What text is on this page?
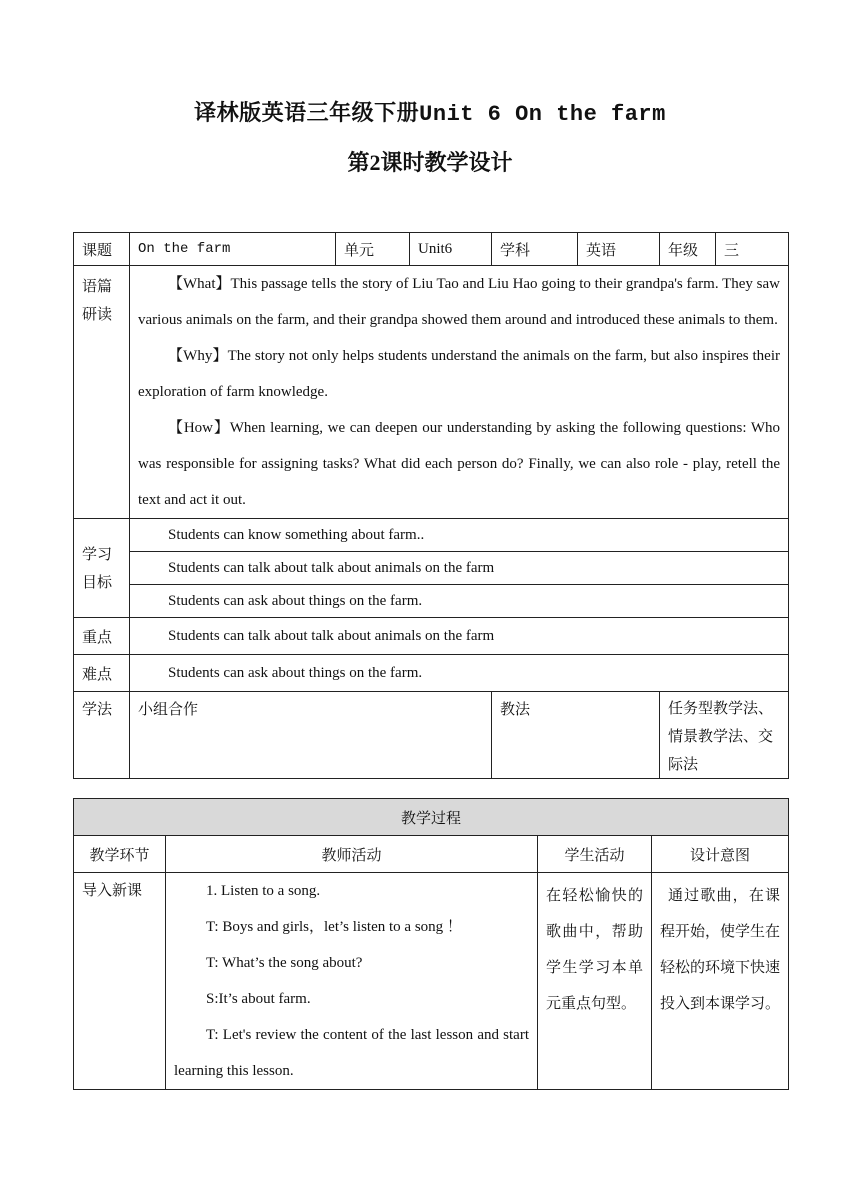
译林版英语三年级下册Unit 6 On the farm
第2课时教学设计
课题	On the farm	单元	Unit6	学科	英语	年级	三
语篇研读	【What】This passage tells the story of Liu Tao and Liu Hao going to their grandpa's farm. They saw various animals on the farm, and their grandpa showed them around and introduced these animals to them.

【Why】The story not only helps students understand the animals on the farm, but also inspires their exploration of farm knowledge.

【How】When learning, we can deepen our understanding by asking the following questions: Who was responsible for assigning tasks? What did each person do? Finally, we can also role - play, retell the text and act it out.						

学习目标	Students can know something about farm..						
	Students can talk about talk about animals on the farm						
	Students can ask about things on the farm.						
重点	Students can talk about talk about animals on the farm						
难点	Students can ask about things on the farm.						
学法	小组合作			教法		任务型教学法、情景教学法、交际法	
教学过程			
教学环节	教师活动	学生活动	设计意图
导入新课	1. Listen to a song.

T: Boys and girls，let’s listen to a song ！

T: What’s the song about?

S:It’s about farm.

T: Let's review the content of the last lesson and start learning this lesson.	在轻松愉快的歌曲中，帮助学生学习本单元重点句型。	通过歌曲，在课程开始，使学生在轻松的环境下快速投入到本课学习。
